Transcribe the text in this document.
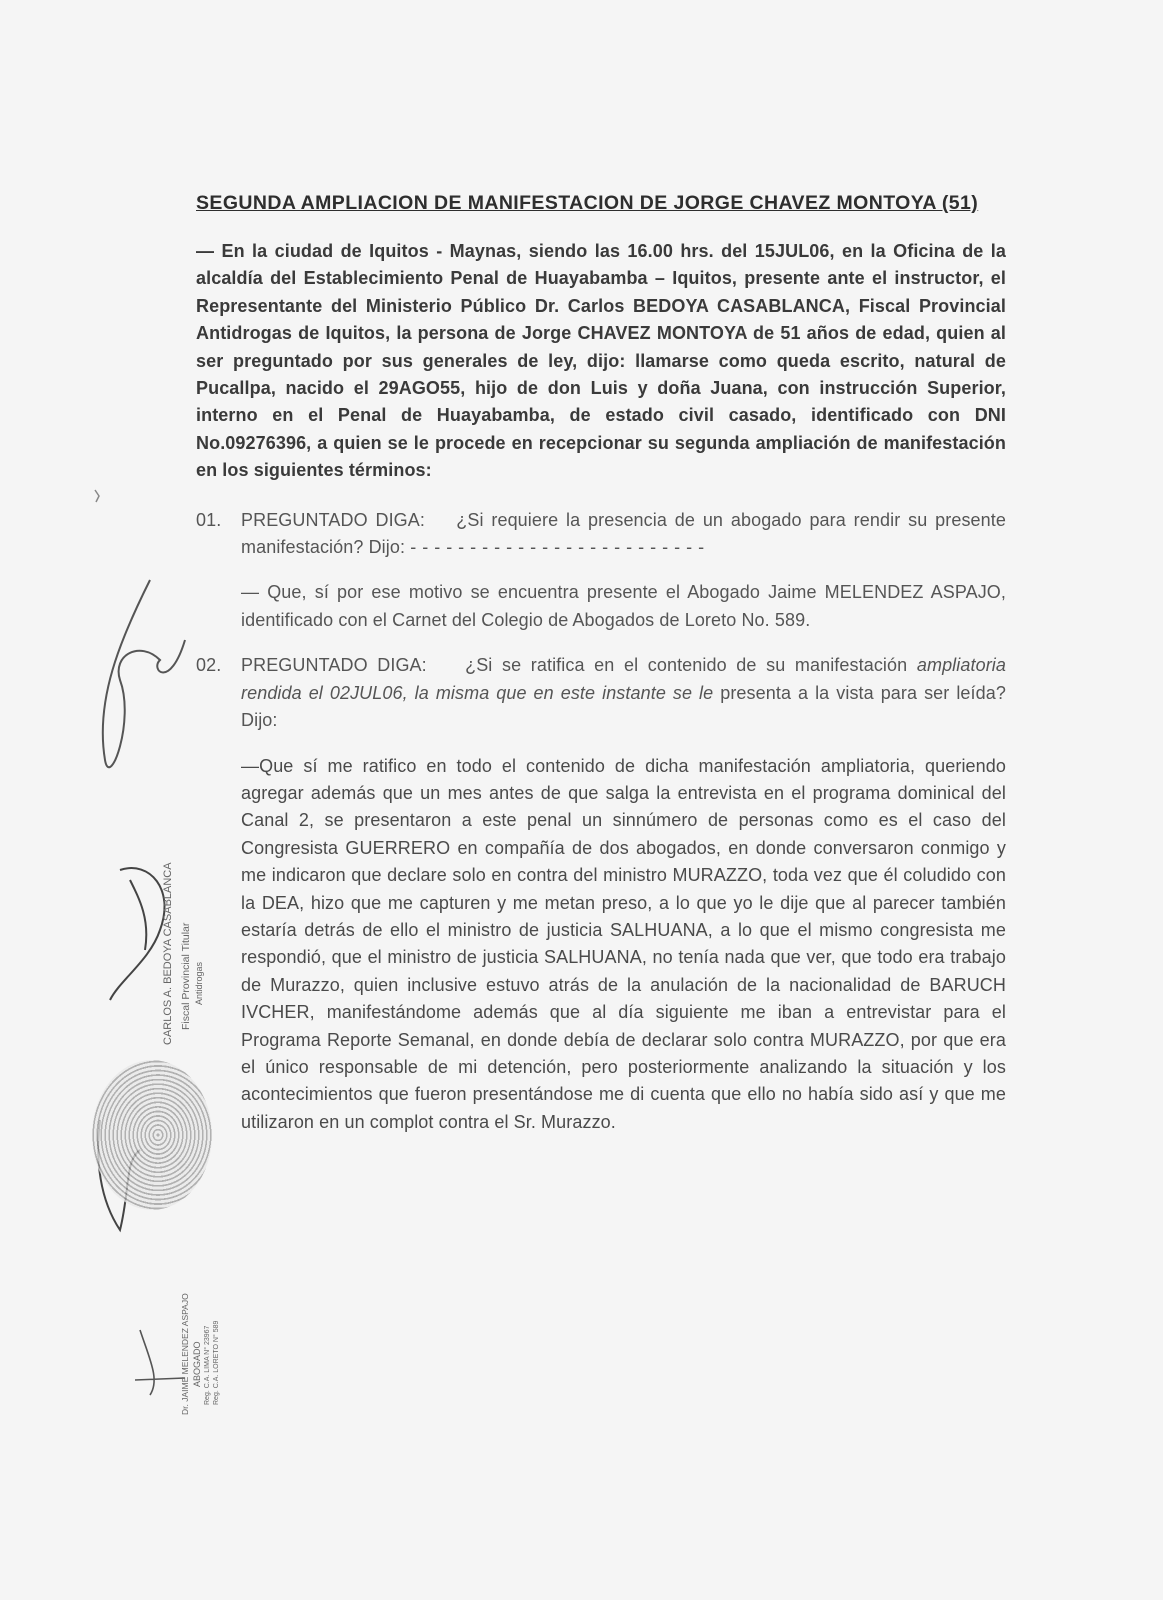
SEGUNDA AMPLIACION DE MANIFESTACION DE JORGE CHAVEZ MONTOYA (51)
— En la ciudad de Iquitos - Maynas, siendo las 16.00 hrs. del 15JUL06, en la Oficina de la alcaldía del Establecimiento Penal de Huayabamba – Iquitos, presente ante el instructor, el Representante del Ministerio Público Dr. Carlos BEDOYA CASABLANCA, Fiscal Provincial Antidrogas de Iquitos, la persona de Jorge CHAVEZ MONTOYA de 51 años de edad, quien al ser preguntado por sus generales de ley, dijo: llamarse como queda escrito, natural de Pucallpa, nacido el 29AGO55, hijo de don Luis y doña Juana, con instrucción Superior, interno en el Penal de Huayabamba, de estado civil casado, identificado con DNI No.09276396, a quien se le procede en recepcionar su segunda ampliación de manifestación en los siguientes términos:
01.	PREGUNTADO DIGA: ¿Si requiere la presencia de un abogado para rendir su presente manifestación? Dijo: - - - - - - - - - - - - - - - - - - - - - - - - -
— Que, sí por ese motivo se encuentra presente el Abogado Jaime MELENDEZ ASPAJO, identificado con el Carnet del Colegio de Abogados de Loreto No. 589.
02.	PREGUNTADO DIGA: ¿Si se ratifica en el contenido de su manifestación ampliatoria rendida el 02JUL06, la misma que en este instante se le presenta a la vista para ser leída? Dijo:
—Que sí me ratifico en todo el contenido de dicha manifestación ampliatoria, queriendo agregar además que un mes antes de que salga la entrevista en el programa dominical del Canal 2, se presentaron a este penal un sinnúmero de personas como es el caso del Congresista GUERRERO en compañía de dos abogados, en donde conversaron conmigo y me indicaron que declare solo en contra del ministro MURAZZO, toda vez que él coludido con la DEA, hizo que me capturen y me metan preso, a lo que yo le dije que al parecer también estaría detrás de ello el ministro de justicia SALHUANA, a lo que el mismo congresista me respondió, que el ministro de justicia SALHUANA, no tenía nada que ver, que todo era trabajo de Murazzo, quien inclusive estuvo atrás de la anulación de la nacionalidad de BARUCH IVCHER, manifestándome además que al día siguiente me iban a entrevistar para el Programa Reporte Semanal, en donde debía de declarar solo contra MURAZZO, por que era el único responsable de mi detención, pero posteriormente analizando la situación y los acontecimientos que fueron presentándose me di cuenta que ello no había sido así y que me utilizaron en un complot contra el Sr. Murazzo.
CARLOS A. BEDOYA CASABLANCA Fiscal Provincial Titular Antidrogas
Dr. JAIME MELENDEZ ASPAJO ABOGADO Reg. C.A. LIMA N° 23967 Reg. C.A. LORETO N° 589
